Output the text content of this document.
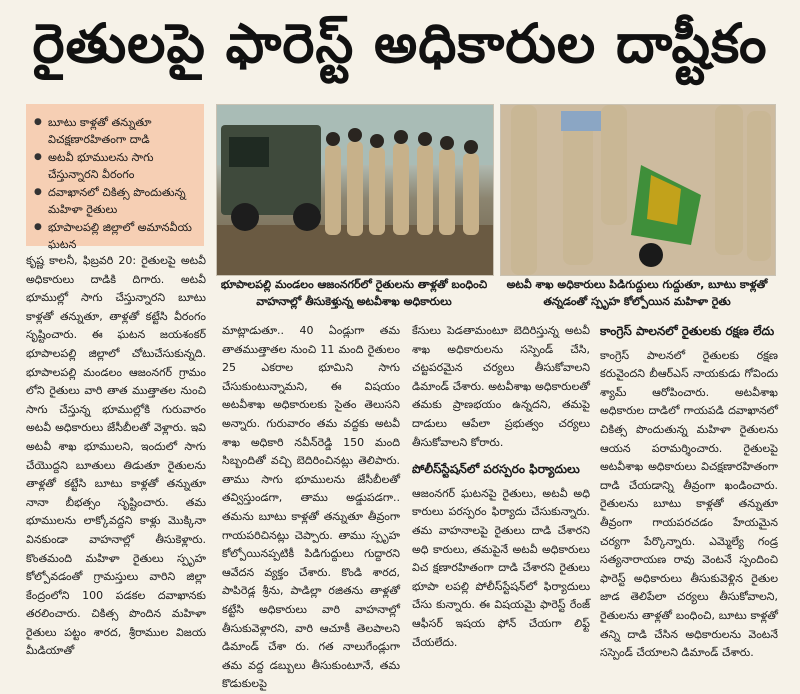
రైతులపై ఫారెస్ట్ అధికారుల దాష్టీకం
● బూటు కాళ్లతో తన్నుతూ విచక్షణారహితంగా దాడి
● అటవీ భూములను సాగు చేస్తున్నారని వీరంగం
● దవాఖానలో చికిత్స పొందుతున్న మహిళా రైతులు
● భూపాలపల్లి జిల్లాలో అమానవీయ ఘటన
భూపాలపల్లి మండలం ఆజంనగర్‌లో రైతులను తాళ్లతో బంధించి వాహనాల్లో తీసుకెళ్తున్న అటవీశాఖ అధికారులు
అటవీ శాఖ అధికారులు పిడిగుద్దులు గుద్దుతూ, బూటు కాళ్లతో తన్నడంతో స్పృహ కోల్పోయిన మహిళా రైతు

కృష్ణ కాలనీ, ఫిబ్రవరి 20: రైతులపై అటవీ అధికారులు దాడికి దిగారు. అటవీ భూముల్లో సాగు చేస్తున్నారని బూటు కాళ్లతో తన్నుతూ, తాళ్లతో కట్టేసి వీరంగం సృష్టించారు. ఈ ఘటన జయశంకర్ భూపాలపల్లి జిల్లాలో చోటుచేసుకున్నది. భూపాలపల్లి మండలం ఆజంనగర్ గ్రామం లోని రైతులు వారి తాత ముత్తాతల నుంచి సాగు చేస్తున్న భూముల్లోకి గురువారం అటవీ అధికారులు జేసీబీలతో వెళ్లారు. ఇవి అటవీ శాఖ భూములని, ఇందులో సాగు చేయొద్దని బూతులు తిడుతూ రైతులను తాళ్లతో కట్టేసి బూటు కాళ్లతో తన్నుతూ నానా బీభత్సం సృష్టించారు. తమ భూములను లాక్కోవద్దని కాళ్లు మొక్కినా వినకుండా వాహనాల్లో తీసుకెళ్లారు. కొంతమంది మహిళా రైతులు స్పృహ కోల్పోవడంతో గ్రామస్తులు వారిని జిల్లా కేంద్రంలోని 100 పడకల దవాఖానకు తరలించారు. చికిత్స పొందిన మహిళా రైతులు పట్టం శారద, శ్రీరాముల విజయ మీడియాతో

మాట్లాడుతూ.. 40 ఏండ్లుగా తమ తాతముత్తాతల నుంచి 11 మంది రైతులం 25 ఎకరాల భూమిని సాగు చేసుకుంటున్నామని, ఈ విషయం అటవీశాఖ అధికారులకు సైతం తెలుసని అన్నారు. గురువారం తమ వద్దకు అటవీ శాఖ అధికారి నవీన్‌రెడ్డి 150 మంది సిబ్బందితో వచ్చి బెదిరించినట్లు తెలిపారు. తాము సాగు భూములను జేసీబీలతో తవ్విస్తుండగా, తాము అడ్డుపడగా.. తమను బూటు కాళ్లతో తన్నుతూ తీవ్రంగా గాయపరిచినట్లు చెప్పారు. తాము స్పృహ కోల్పోయినప్పటికీ పిడిగుద్దులు గుద్దారని ఆవేదన వ్యక్తం చేశారు. కొండి శారద, పాపిరెడ్ల శ్రీను, పాడిల్లా రజితను తాళ్లతో కట్టేసి అధికారులు వారి వాహనాల్లో తీసుకువెళ్లారని, వారి ఆచూకీ తెలపాలని డిమాండ్ చేశా రు. గత నాలుగేండ్లుగా తమ వద్ద డబ్బులు తీసుకుంటూనే, తమ కొడుకులపై

కేసులు పెడతామంటూ బెదిరిస్తున్న అటవీ శాఖ అధికారులను సస్పెండ్ చేసి, చట్టపరమైన చర్యలు తీసుకోవాలని డిమాండ్ చేశారు. అటవీశాఖ అధికారులతో తమకు ప్రాణభయం ఉన్నదని, తమపై దాడులు ఆపేలా ప్రభుత్వం చర్యలు తీసుకోవాలని కోరారు.

పోలీస్‌స్టేషన్‌లో పరస్పరం ఫిర్యాదులు

ఆజంనగర్ ఘటనపై రైతులు, అటవీ అధి కారులు పరస్పరం ఫిర్యాదు చేసుకున్నారు. తమ వాహనాలపై రైతులు దాడి చేశారని అధి కారులు, తమపైనే అటవీ అధికారులు విచ క్షణారహితంగా దాడి చేశారని రైతులు భూపా లపల్లి పోలీస్‌స్టేషన్‌లో ఫిర్యాదులు చేసు కున్నారు. ఈ విషయమై ఫారెస్ట్ రేంజ్ ఆఫీసర్ ఇషయ ఫోన్ చేయగా లిఫ్ట్ చేయలేదు.

కాంగ్రెస్ పాలనలో రైతులకు రక్షణ లేదు

కాంగ్రెస్ పాలనలో రైతులకు రక్షణ కరువైందని బీఆర్‌ఎస్ నాయకుడు గోవిందు శ్యామ్ ఆరోపించారు. అటవీశాఖ అధికారుల దాడిలో గాయపడి దవాఖానలో చికిత్స పొందుతున్న మహిళా రైతులను ఆయన పరామర్శించారు. రైతులపై అటవీశాఖ అధికారులు విచక్షణారహితంగా దాడి చేయడాన్ని తీవ్రంగా ఖండించారు. రైతులను బూటు కాళ్లతో తన్నుతూ తీవ్రంగా గాయపరచడం హేయమైన చర్యగా పేర్కొన్నారు. ఎమ్మెల్యే గండ్ర సత్యనారాయణ రావు వెంటనే స్పందించి ఫారెస్ట్ అధికారులు తీసుకువెళ్లిన రైతుల జాడ తెలిపేలా చర్యలు తీసుకోవాలని, రైతులను తాళ్లతో బంధించి, బూటు కాళ్లతో తన్ని దాడి చేసిన అధికారులను వెంటనే సస్పెండ్ చేయాలని డిమాండ్ చేశారు.
